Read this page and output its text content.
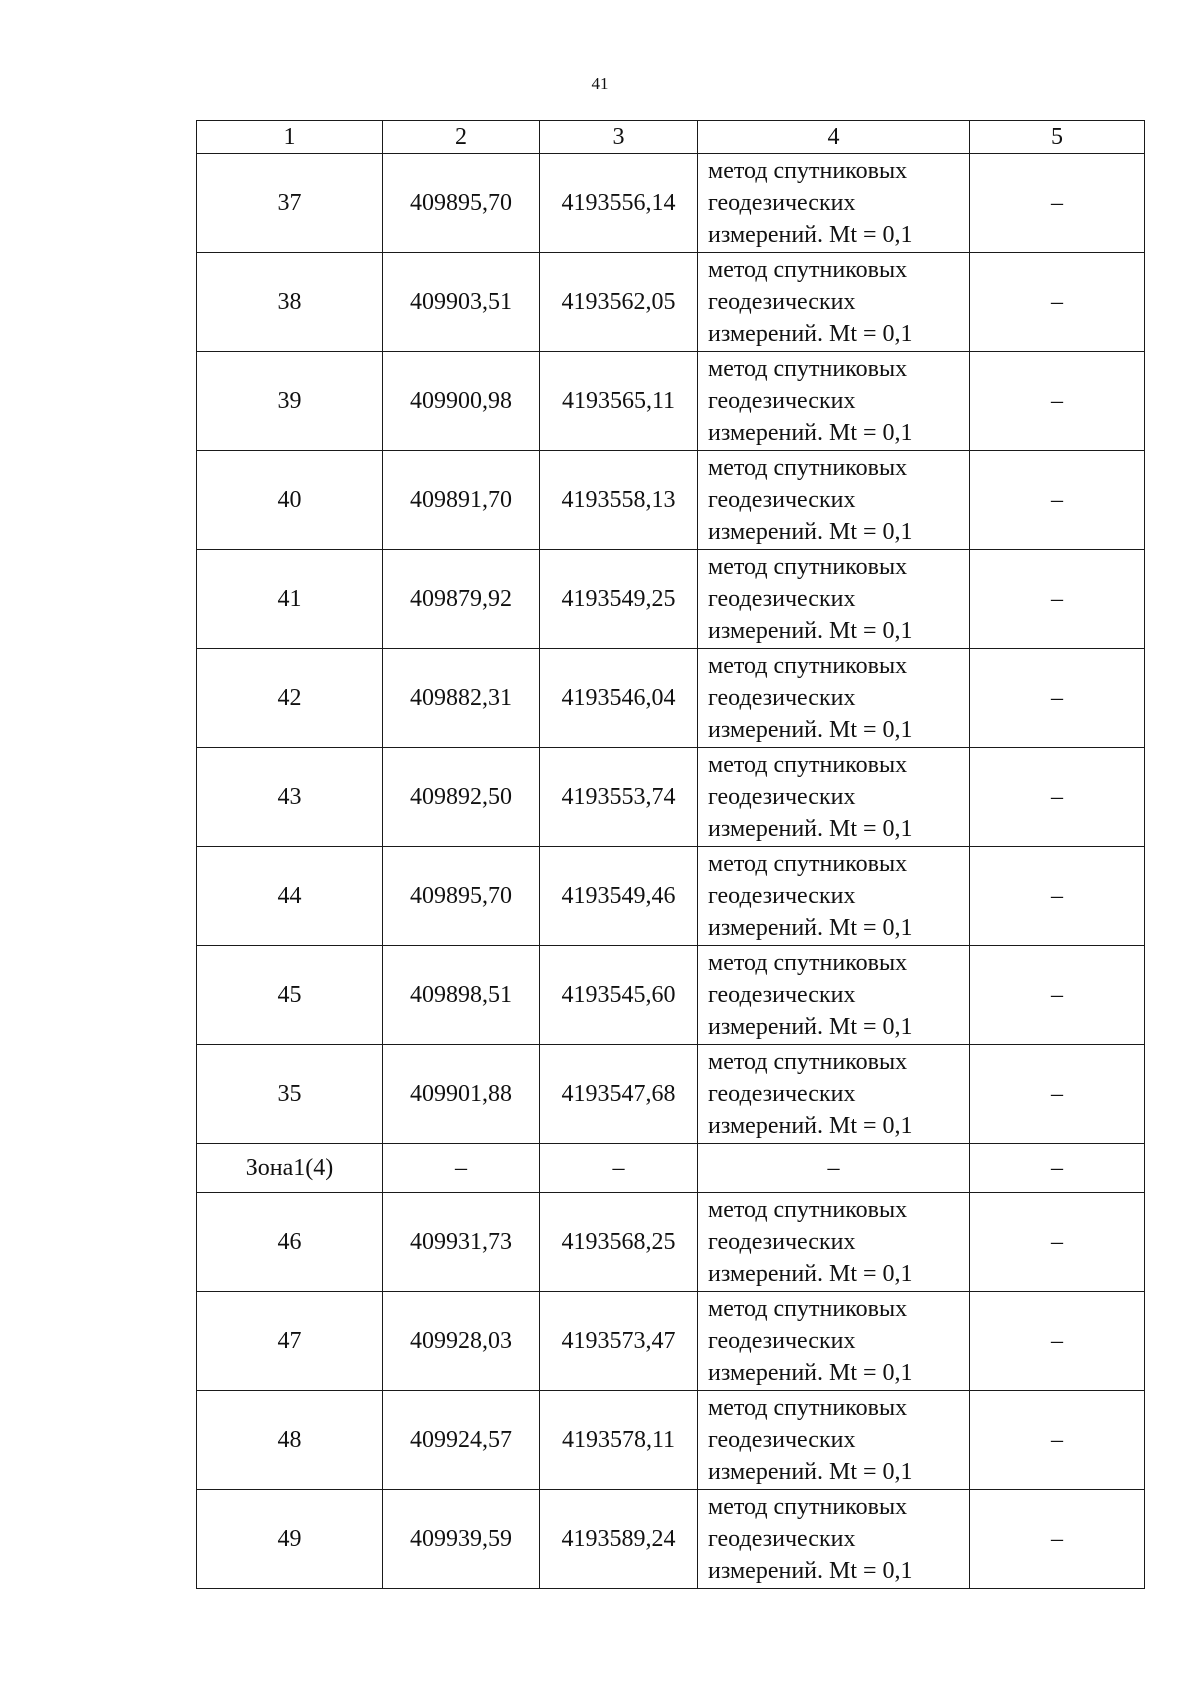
41
1	2	3	4	5
37	409895,70	4193556,14	метод спутниковых
геодезических
измерений. Mt = 0,1	–
38	409903,51	4193562,05	метод спутниковых
геодезических
измерений. Mt = 0,1	–
39	409900,98	4193565,11	метод спутниковых
геодезических
измерений. Mt = 0,1	–
40	409891,70	4193558,13	метод спутниковых
геодезических
измерений. Mt = 0,1	–
41	409879,92	4193549,25	метод спутниковых
геодезических
измерений. Mt = 0,1	–
42	409882,31	4193546,04	метод спутниковых
геодезических
измерений. Mt = 0,1	–
43	409892,50	4193553,74	метод спутниковых
геодезических
измерений. Mt = 0,1	–
44	409895,70	4193549,46	метод спутниковых
геодезических
измерений. Mt = 0,1	–
45	409898,51	4193545,60	метод спутниковых
геодезических
измерений. Mt = 0,1	–
35	409901,88	4193547,68	метод спутниковых
геодезических
измерений. Mt = 0,1	–
Зона1(4)	–	–	–	–
46	409931,73	4193568,25	метод спутниковых
геодезических
измерений. Mt = 0,1	–
47	409928,03	4193573,47	метод спутниковых
геодезических
измерений. Mt = 0,1	–
48	409924,57	4193578,11	метод спутниковых
геодезических
измерений. Mt = 0,1	–
49	409939,59	4193589,24	метод спутниковых
геодезических
измерений. Mt = 0,1	–
